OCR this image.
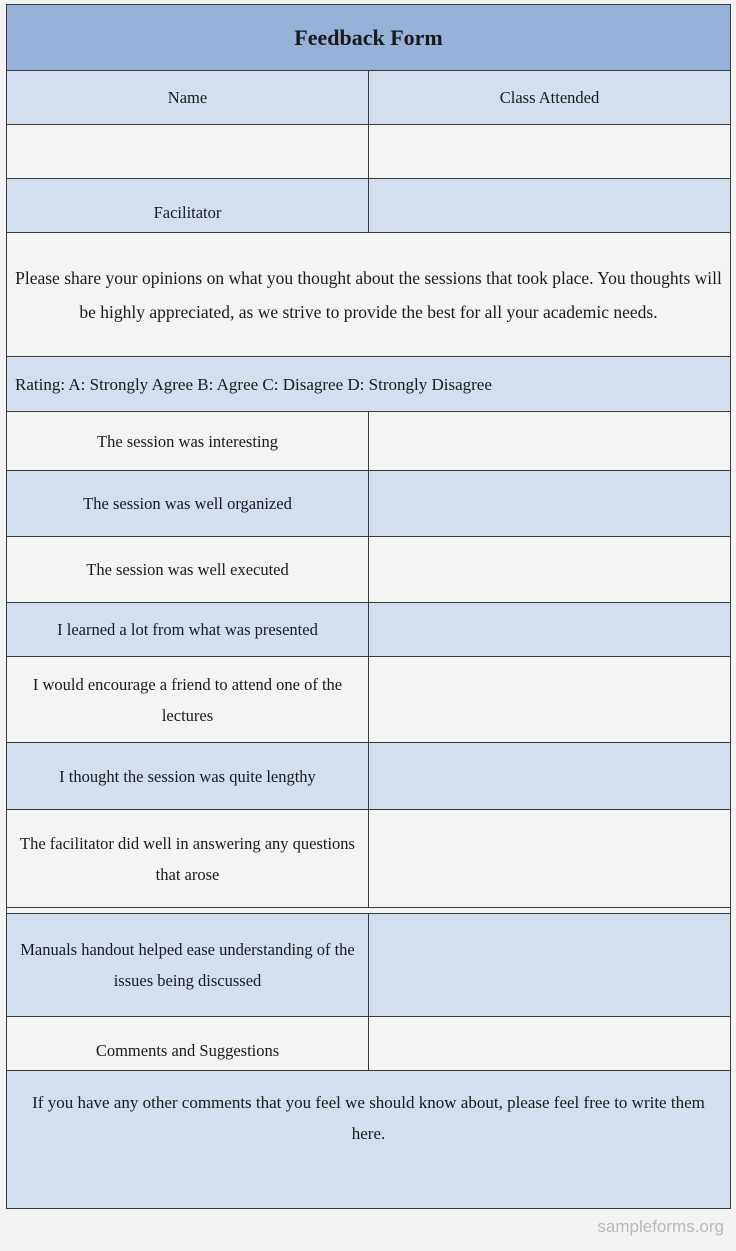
Feedback Form
Name	Class Attended
Facilitator
Please share your opinions on what you thought about the sessions that took place. You thoughts will be highly appreciated, as we strive to provide the best for all your academic needs.
Rating: A: Strongly Agree B: Agree C: Disagree D: Strongly Disagree
The session was interesting
The session was well organized
The session was well executed
I learned a lot from what was presented
I would encourage a friend to attend one of the lectures
I thought the session was quite lengthy
The facilitator did well in answering any questions that arose
Manuals handout helped ease understanding of the issues being discussed
Comments and Suggestions
If you have any other comments that you feel we should know about, please feel free to write them here.
·
sampleforms.org
